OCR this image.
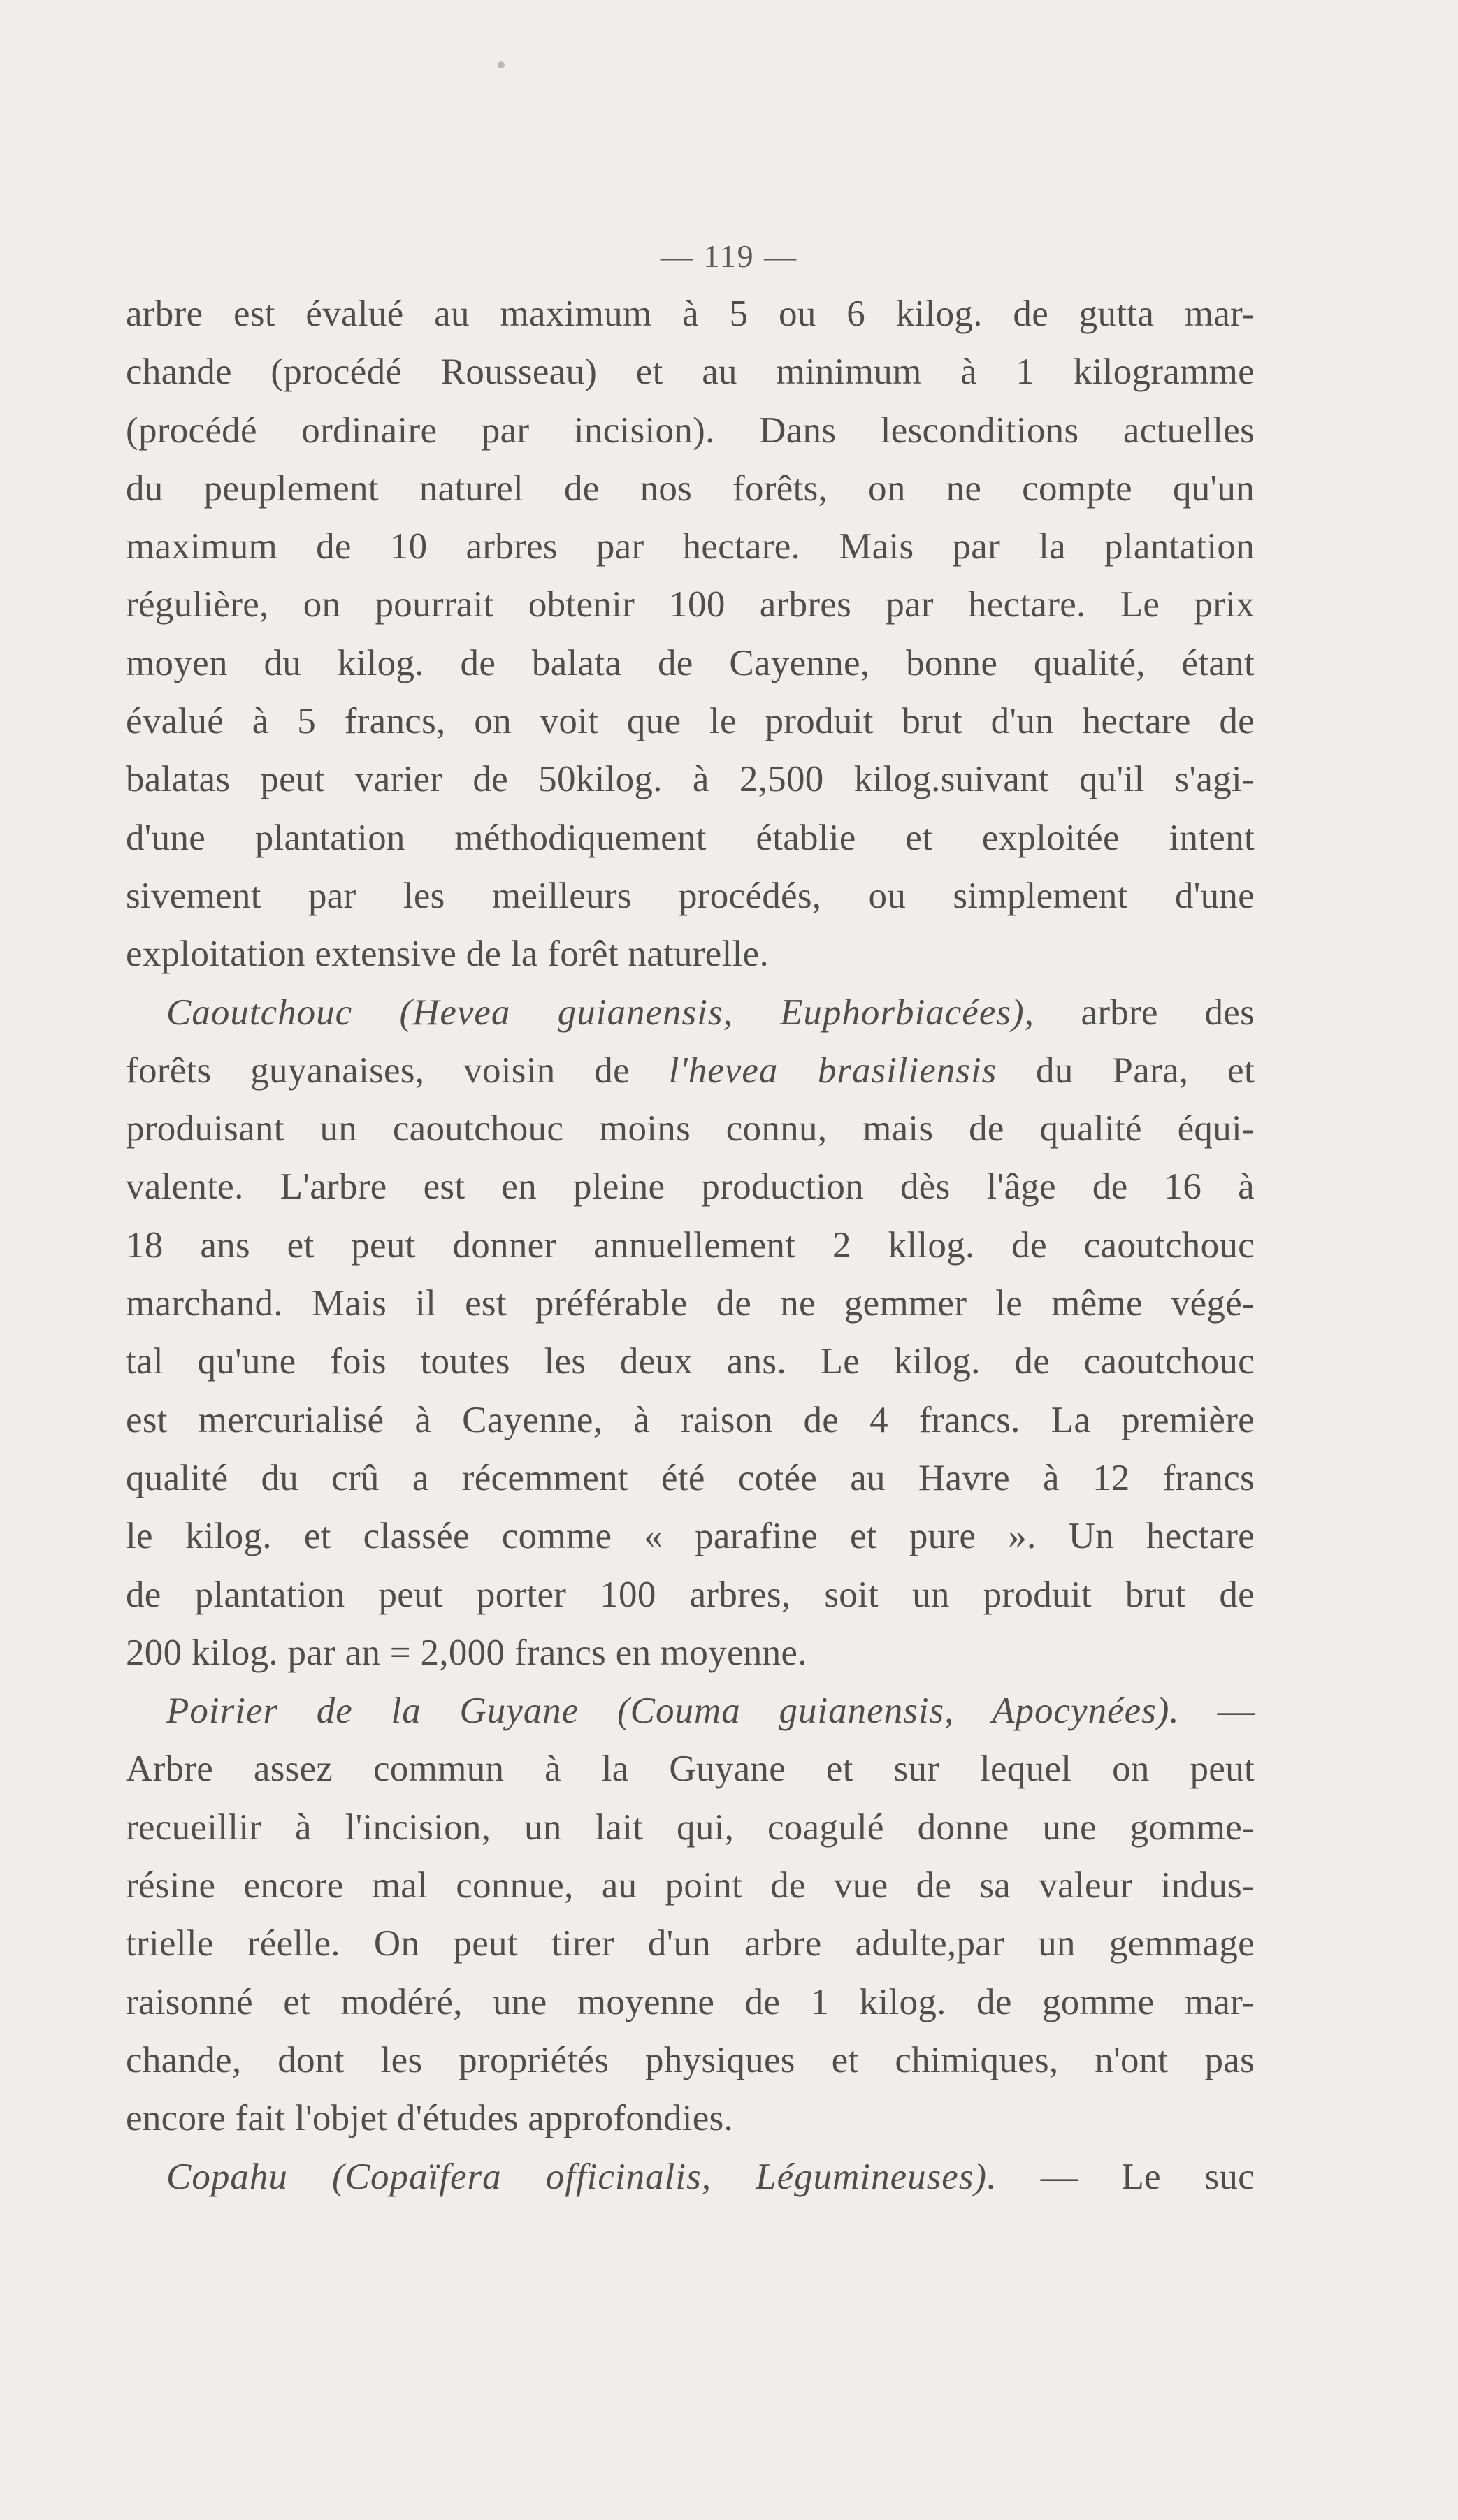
— 119 —
arbre est évalué au maximum à 5 ou 6 kilog. de gutta mar-
chande (procédé Rousseau) et au minimum à 1 kilogramme
(procédé ordinaire par incision). Dans lesconditions actuelles
du peuplement naturel de nos forêts, on ne compte qu'un
maximum de 10 arbres par hectare. Mais par la plantation
régulière, on pourrait obtenir 100 arbres par hectare. Le prix
moyen du kilog. de balata de Cayenne, bonne qualité, étant
évalué à 5 francs, on voit que le produit brut d'un hectare de
balatas peut varier de 50kilog. à 2,500 kilog.suivant qu'il s'agi-
d'une plantation méthodiquement établie et exploitée intent
sivement par les meilleurs procédés, ou simplement d'une
exploitation extensive de la forêt naturelle.
Caoutchouc (Hevea guianensis, Euphorbiacées), arbre des
forêts guyanaises, voisin de l'hevea brasiliensis du Para, et
produisant un caoutchouc moins connu, mais de qualité équi-
valente. L'arbre est en pleine production dès l'âge de 16 à
18 ans et peut donner annuellement 2 kllog. de caoutchouc
marchand. Mais il est préférable de ne gemmer le même végé-
tal qu'une fois toutes les deux ans. Le kilog. de caoutchouc
est mercurialisé à Cayenne, à raison de 4 francs. La première
qualité du crû a récemment été cotée au Havre à 12 francs
le kilog. et classée comme « parafine et pure ». Un hectare
de plantation peut porter 100 arbres, soit un produit brut de
200 kilog. par an = 2,000 francs en moyenne.
Poirier de la Guyane (Couma guianensis, Apocynées). —
Arbre assez commun à la Guyane et sur lequel on peut
recueillir à l'incision, un lait qui, coagulé donne une gomme-
résine encore mal connue, au point de vue de sa valeur indus-
trielle réelle. On peut tirer d'un arbre adulte,par un gemmage
raisonné et modéré, une moyenne de 1 kilog. de gomme mar-
chande, dont les propriétés physiques et chimiques, n'ont pas
encore fait l'objet d'études approfondies.
Copahu (Copaïfera officinalis, Légumineuses). — Le suc
